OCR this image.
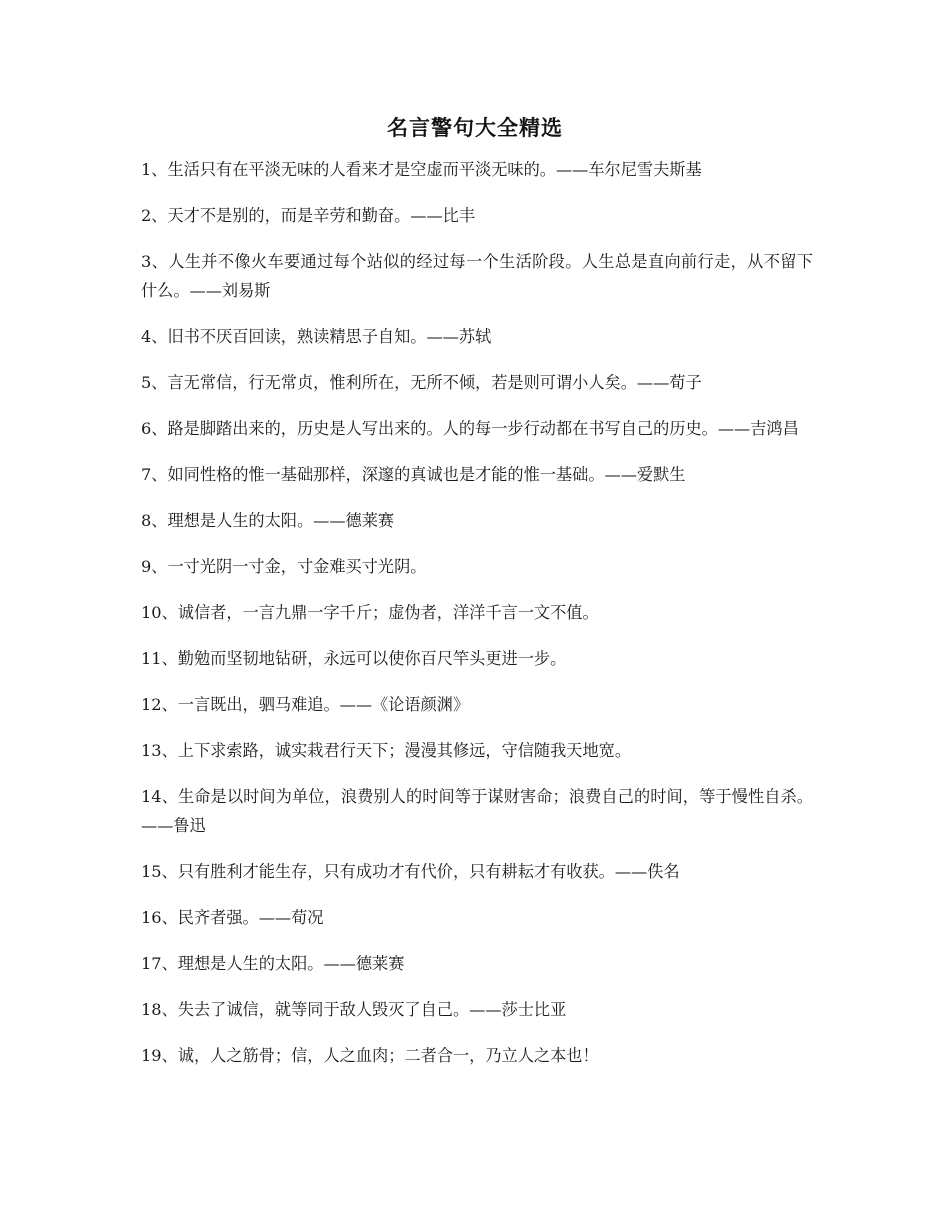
名言警句大全精选
1、生活只有在平淡无味的人看来才是空虚而平淡无味的。——车尔尼雪夫斯基
2、天才不是别的，而是辛劳和勤奋。——比丰
3、人生并不像火车要通过每个站似的经过每一个生活阶段。人生总是直向前行走，从不留下什么。——刘易斯
4、旧书不厌百回读，熟读精思子自知。——苏轼
5、言无常信，行无常贞，惟利所在，无所不倾，若是则可谓小人矣。——荀子
6、路是脚踏出来的，历史是人写出来的。人的每一步行动都在书写自己的历史。——吉鸿昌
7、如同性格的惟一基础那样，深邃的真诚也是才能的惟一基础。——爱默生
8、理想是人生的太阳。——德莱赛
9、一寸光阴一寸金，寸金难买寸光阴。
10、诚信者，一言九鼎一字千斤；虚伪者，洋洋千言一文不值。
11、勤勉而坚韧地钻研，永远可以使你百尺竿头更进一步。
12、一言既出，驷马难追。——《论语颜渊》
13、上下求索路，诚实栽君行天下；漫漫其修远，守信随我天地宽。
14、生命是以时间为单位，浪费别人的时间等于谋财害命；浪费自己的时间，等于慢性自杀。——鲁迅
15、只有胜利才能生存，只有成功才有代价，只有耕耘才有收获。——佚名
16、民齐者强。——荀况
17、理想是人生的太阳。——德莱赛
18、失去了诚信，就等同于敌人毁灭了自己。——莎士比亚
19、诚，人之筋骨；信，人之血肉；二者合一，乃立人之本也！
